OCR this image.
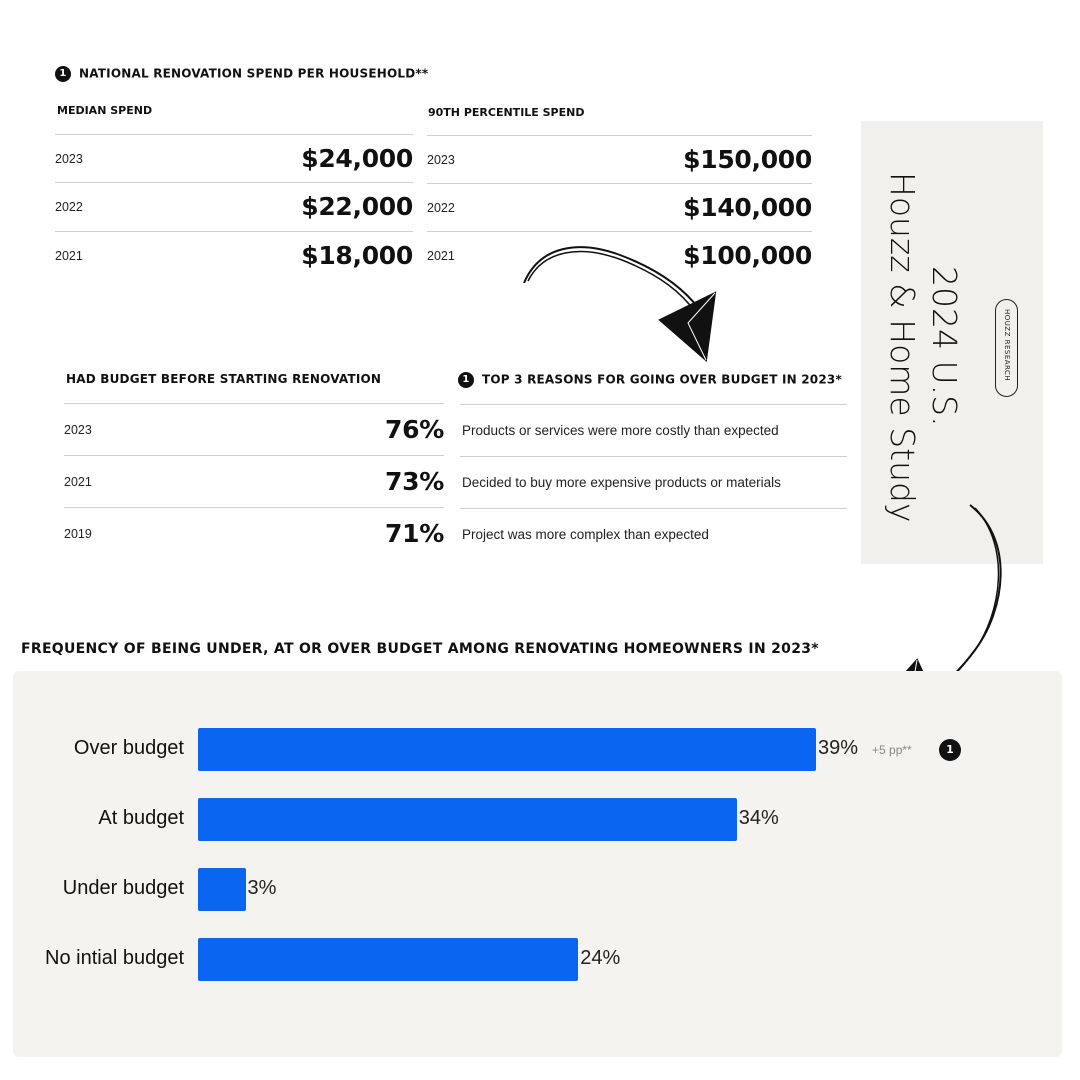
1 NATIONAL RENOVATION SPEND PER HOUSEHOLD**
MEDIAN SPEND
2023	$24,000
2022	$22,000
2021	$18,000
90TH PERCENTILE SPEND
2023	$150,000
2022	$140,000
2021	$100,000
HAD BUDGET BEFORE STARTING RENOVATION
2023	76%
2021	73%
2019	71%
1 TOP 3 REASONS FOR GOING OVER BUDGET IN 2023*
Products or services were more costly than expected
Decided to buy more expensive products or materials
Project was more complex than expected
2024 U.S.
Houzz & Home Study	HOUZZ RESEARCH
FREQUENCY OF BEING UNDER, AT OR OVER BUDGET AMONG RENOVATING HOMEOWNERS IN 2023*
Over budget	39%
At budget	34%
Under budget	3%
No intial budget	24%
+5 pp**	1
